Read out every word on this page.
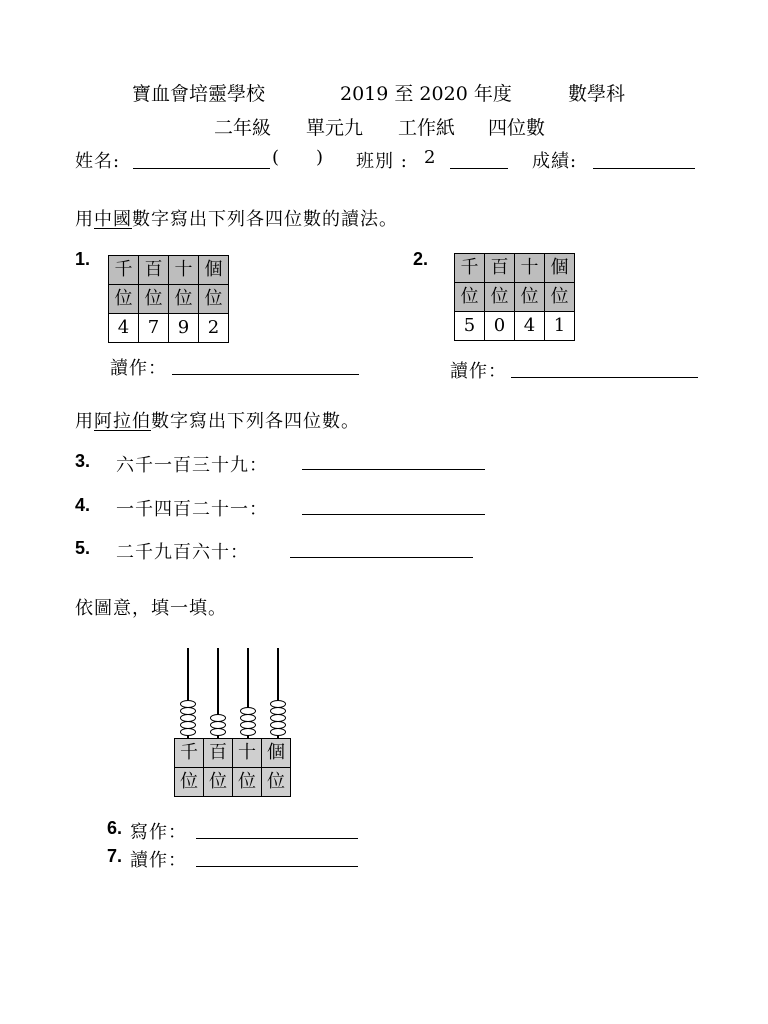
寶血會培靈學校	2019 至 2020 年度	數學科
二年級 單元九 工作紙 四位數
姓名:	( ) 班別 : 2	成績:
用中國數字寫出下列各四位數的讀法。
1. 千	百	十	個
位	位	位	位
4	7	9	2
讀作：
2. 千	百	十	個
位	位	位	位
5	0	4	1
讀作：
用阿拉伯數字寫出下列各四位數。
3. 六千一百三十九：
4. 一千四百二十一：
5. 二千九百六十：
依圖意，填一填。
千	百	十	個
位	位	位	位
6. 寫作：
7. 讀作：
